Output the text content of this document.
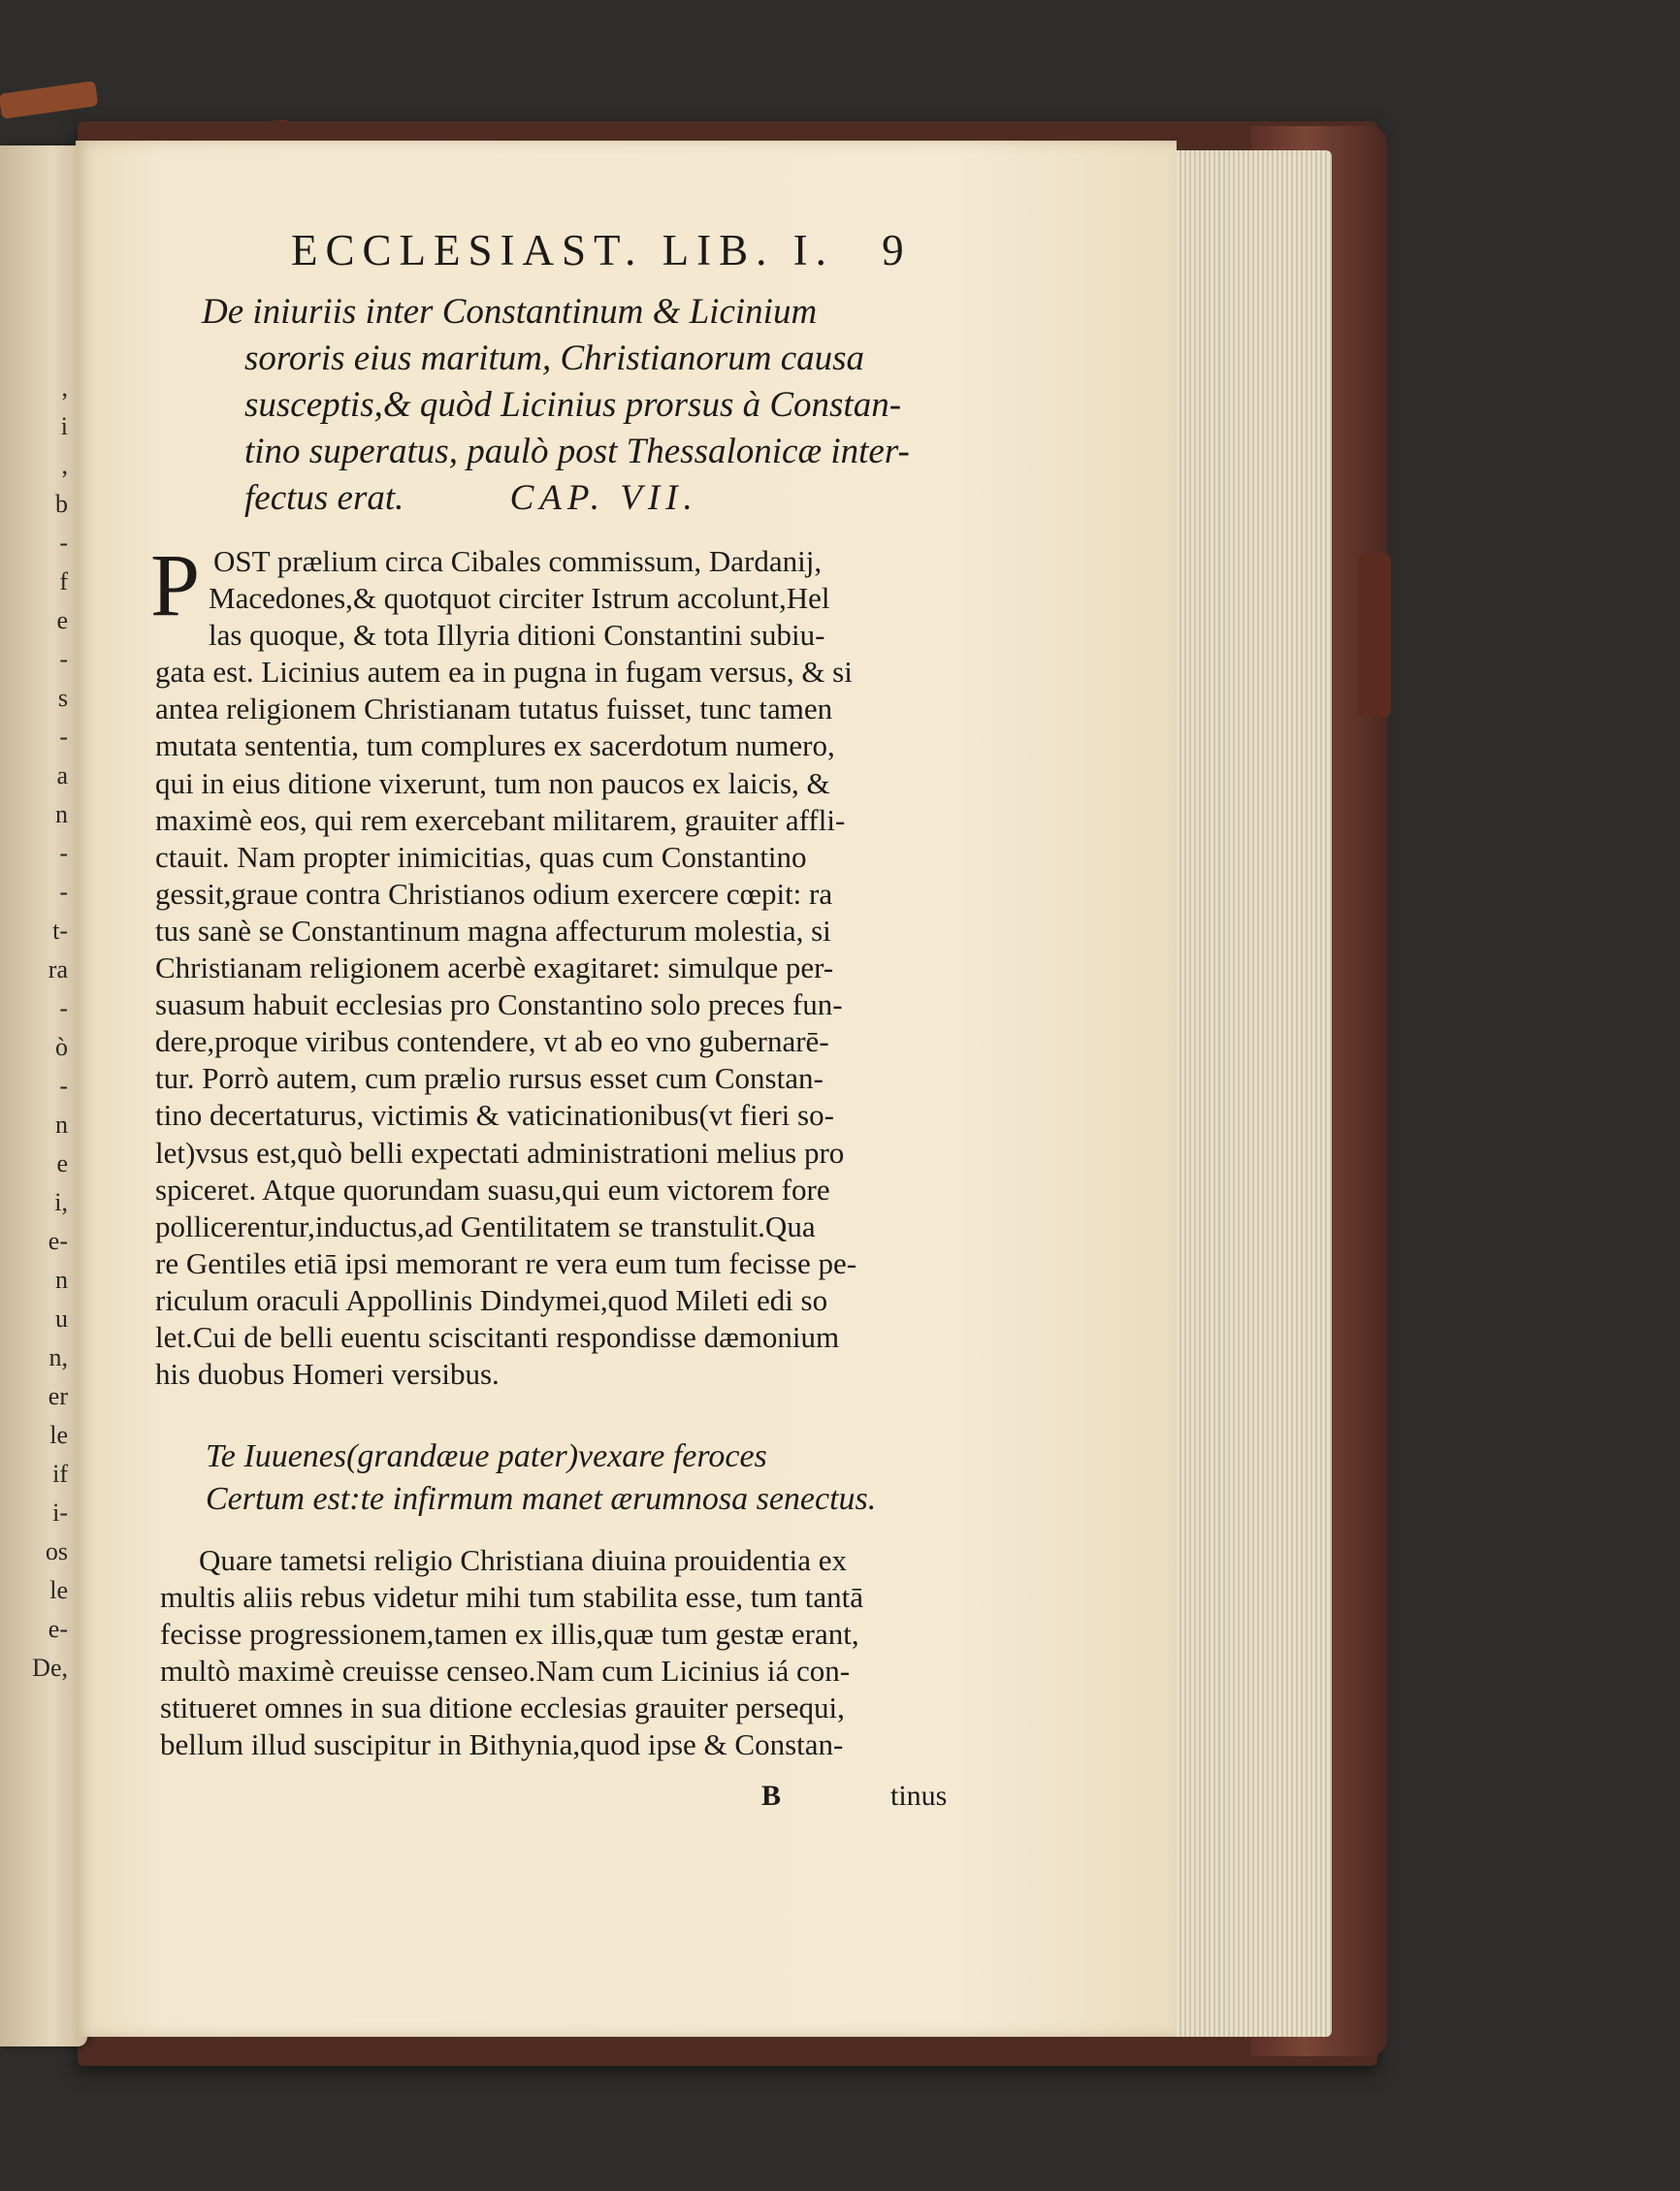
,
i
,
b
-
f
e
-
s
-
a
n
-
-
t-
ra
-
ò
-
n
e
i,
e-
n
u
n,
er
le
if
i-
os
le
e-
De,
ECCLESIAST. LIB. I. 9
De iniuriis inter Constantinum & Licinium
sororis eius maritum, Christianorum causa
susceptis,& quòd Licinius prorsus à Constan-
tino superatus, paulò post Thessalonicæ inter-
fectus erat.	CAP. VII.
P OST prælium circa Cibales commissum, Dardanij,
Macedones,& quotquot circiter Istrum accolunt,Hel
las quoque, & tota Illyria ditioni Constantini subiu-
gata est. Licinius autem ea in pugna in fugam versus, & si
antea religionem Christianam tutatus fuisset, tunc tamen
mutata sententia, tum complures ex sacerdotum numero,
qui in eius ditione vixerunt, tum non paucos ex laicis, &
maximè eos, qui rem exercebant militarem, grauiter affli-
ctauit. Nam propter inimicitias, quas cum Constantino
gessit,graue contra Christianos odium exercere cœpit: ra
tus sanè se Constantinum magna affecturum molestia, si
Christianam religionem acerbè exagitaret: simulque per-
suasum habuit ecclesias pro Constantino solo preces fun-
dere,proque viribus contendere, vt ab eo vno gubernarē-
tur. Porrò autem, cum prælio rursus esset cum Constan-
tino decertaturus, victimis & vaticinationibus(vt fieri so-
let)vsus est,quò belli expectati administrationi melius pro
spiceret. Atque quorundam suasu,qui eum victorem fore
pollicerentur,inductus,ad Gentilitatem se transtulit.Qua
re Gentiles etiā ipsi memorant re vera eum tum fecisse pe-
riculum oraculi Appollinis Dindymei,quod Mileti edi so
let.Cui de belli euentu sciscitanti respondisse dæmonium
his duobus Homeri versibus.
Te Iuuenes(grandæue pater)vexare feroces
Certum est:te infirmum manet ærumnosa senectus.
Quare tametsi religio Christiana diuina prouidentia ex
multis aliis rebus videtur mihi tum stabilita esse, tum tantā
fecisse progressionem,tamen ex illis,quæ tum gestæ erant,
multò maximè creuisse censeo.Nam cum Licinius iá con-
stitueret omnes in sua ditione ecclesias grauiter persequi,
bellum illud suscipitur in Bithynia,quod ipse & Constan-
B	tinus
